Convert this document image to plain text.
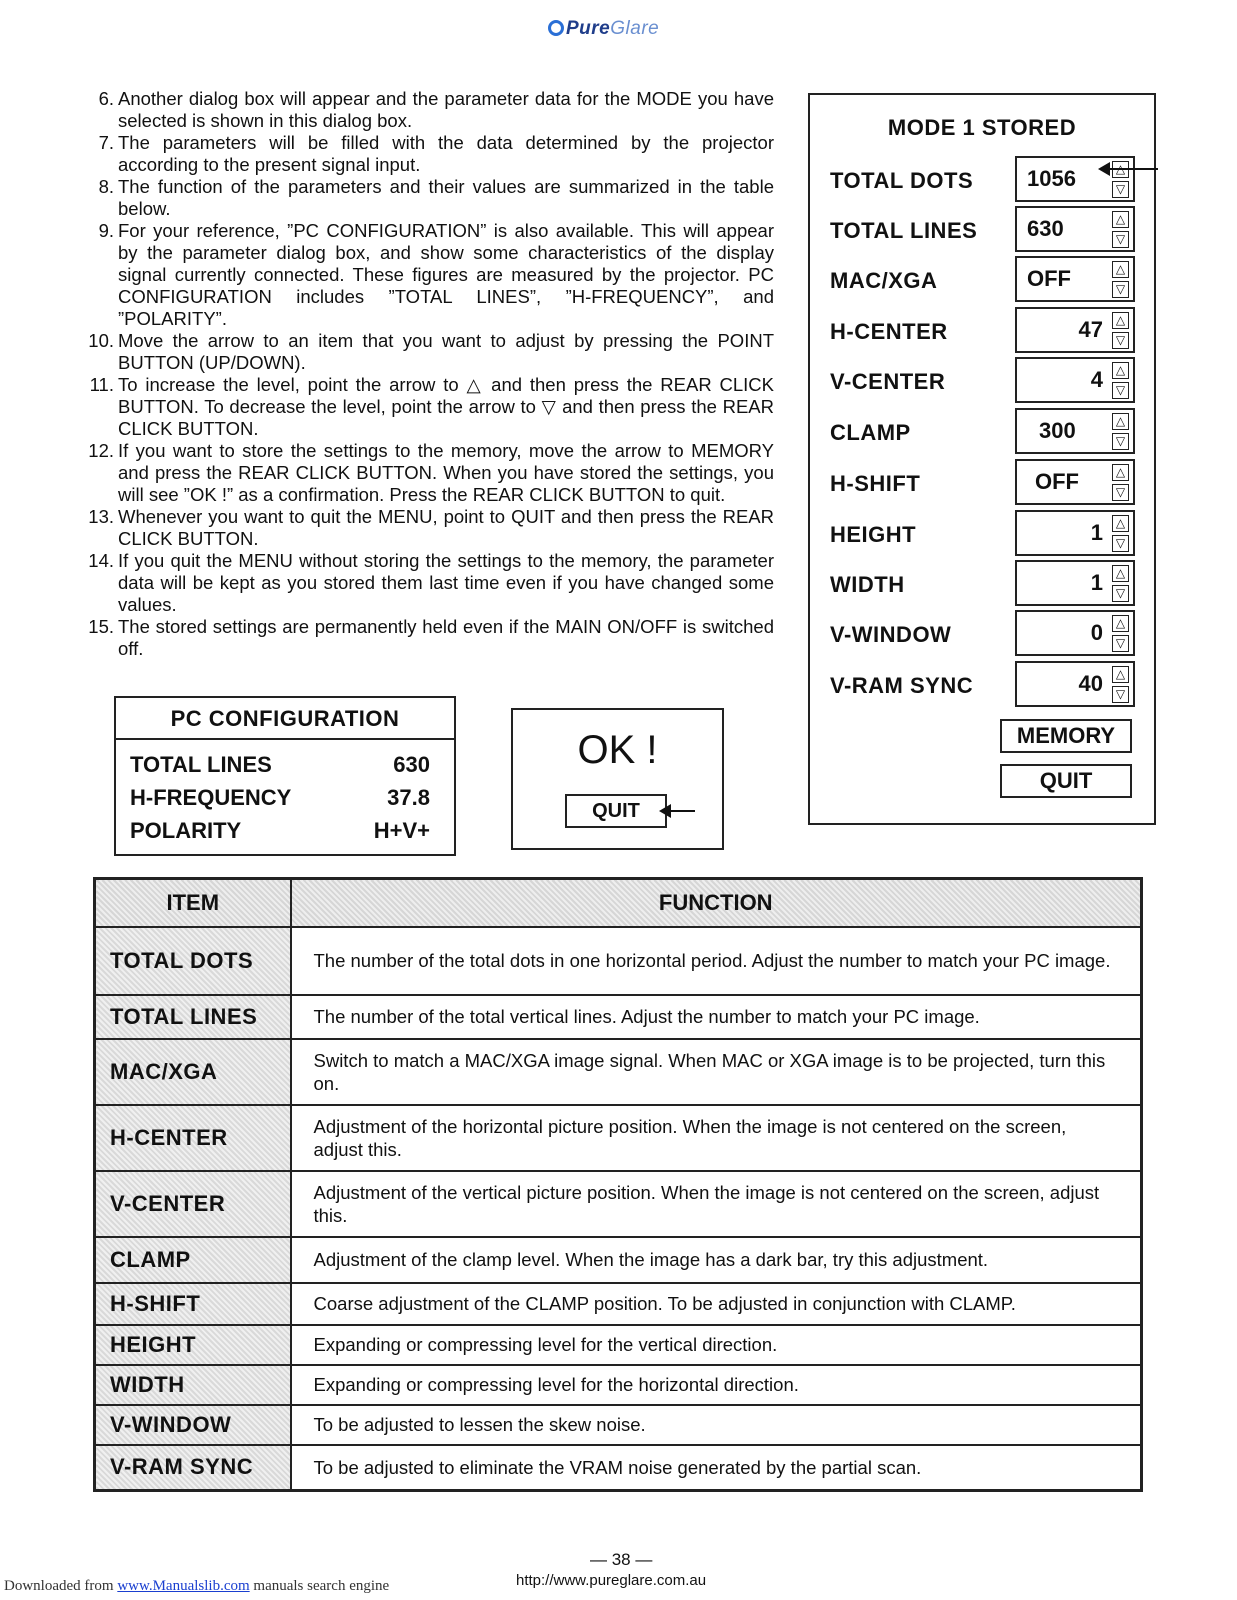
PureGlare
6. Another dialog box will appear and the parameter data for the MODE you have selected is shown in this dialog box.
7. The parameters will be filled with the data determined by the projector according to the present signal input.
8. The function of the parameters and their values are summarized in the table below.
9. For your reference, ”PC CONFIGURATION” is also available. This will appear by the parameter dialog box, and show some characteristics of the display signal currently connected. These figures are measured by the projector. PC CONFIGURATION includes ”TOTAL LINES”, ”H-FREQUENCY”, and ”POLARITY”.
10. Move the arrow to an item that you want to adjust by pressing the POINT BUTTON (UP/DOWN).
11. To increase the level, point the arrow to △ and then press the REAR CLICK BUTTON. To decrease the level, point the arrow to ▽ and then press the REAR CLICK BUTTON.
12. If you want to store the settings to the memory, move the arrow to MEMORY and press the REAR CLICK BUTTON. When you have stored the settings, you will see ”OK !” as a confirmation. Press the REAR CLICK BUTTON to quit.
13. Whenever you want to quit the MENU, point to QUIT and then press the REAR CLICK BUTTON.
14. If you quit the MENU without storing the settings to the memory, the parameter data will be kept as you stored them last time even if you have changed some values.
15. The stored settings are permanently held even if the MAIN ON/OFF is switched off.
PC CONFIGURATION
TOTAL LINES	630
H-FREQUENCY	37.8
POLARITY	H+V+
OK !
QUIT
MODE 1 STORED
TOTAL DOTS 1056	▽
TOTAL LINES 630	△
▽
MAC/XGA	OFF	△
▽
H-CENTER	47	△
▽
V-CENTER	4	△
▽
CLAMP	300	△
▽
H-SHIFT	OFF	△
▽
HEIGHT	1	△
▽
WIDTH	1	△
▽
V-WINDOW	0	△
▽
V-RAM SYNC	40	△
▽
MEMORY
QUIT
ITEM	FUNCTION
TOTAL DOTS	The number of the total dots in one horizontal period. Adjust the number to match your PC image.
TOTAL LINES	The number of the total vertical lines. Adjust the number to match your PC image.
MAC/XGA	Switch to match a MAC/XGA image signal. When MAC or XGA image is to be projected, turn this on.
H-CENTER	Adjustment of the horizontal picture position. When the image is not centered on the screen, adjust this.
V-CENTER	Adjustment of the vertical picture position. When the image is not centered on the screen, adjust this.
CLAMP	Adjustment of the clamp level. When the image has a dark bar, try this adjustment.
H-SHIFT	Coarse adjustment of the CLAMP position. To be adjusted in conjunction with CLAMP.
HEIGHT	Expanding or compressing level for the vertical direction.
WIDTH	Expanding or compressing level for the horizontal direction.
V-WINDOW	To be adjusted to lessen the skew noise.
V-RAM SYNC	To be adjusted to eliminate the VRAM noise generated by the partial scan.
— 38 —
http://www.pureglare.com.au
Downloaded from www.Manualslib.com manuals search engine
